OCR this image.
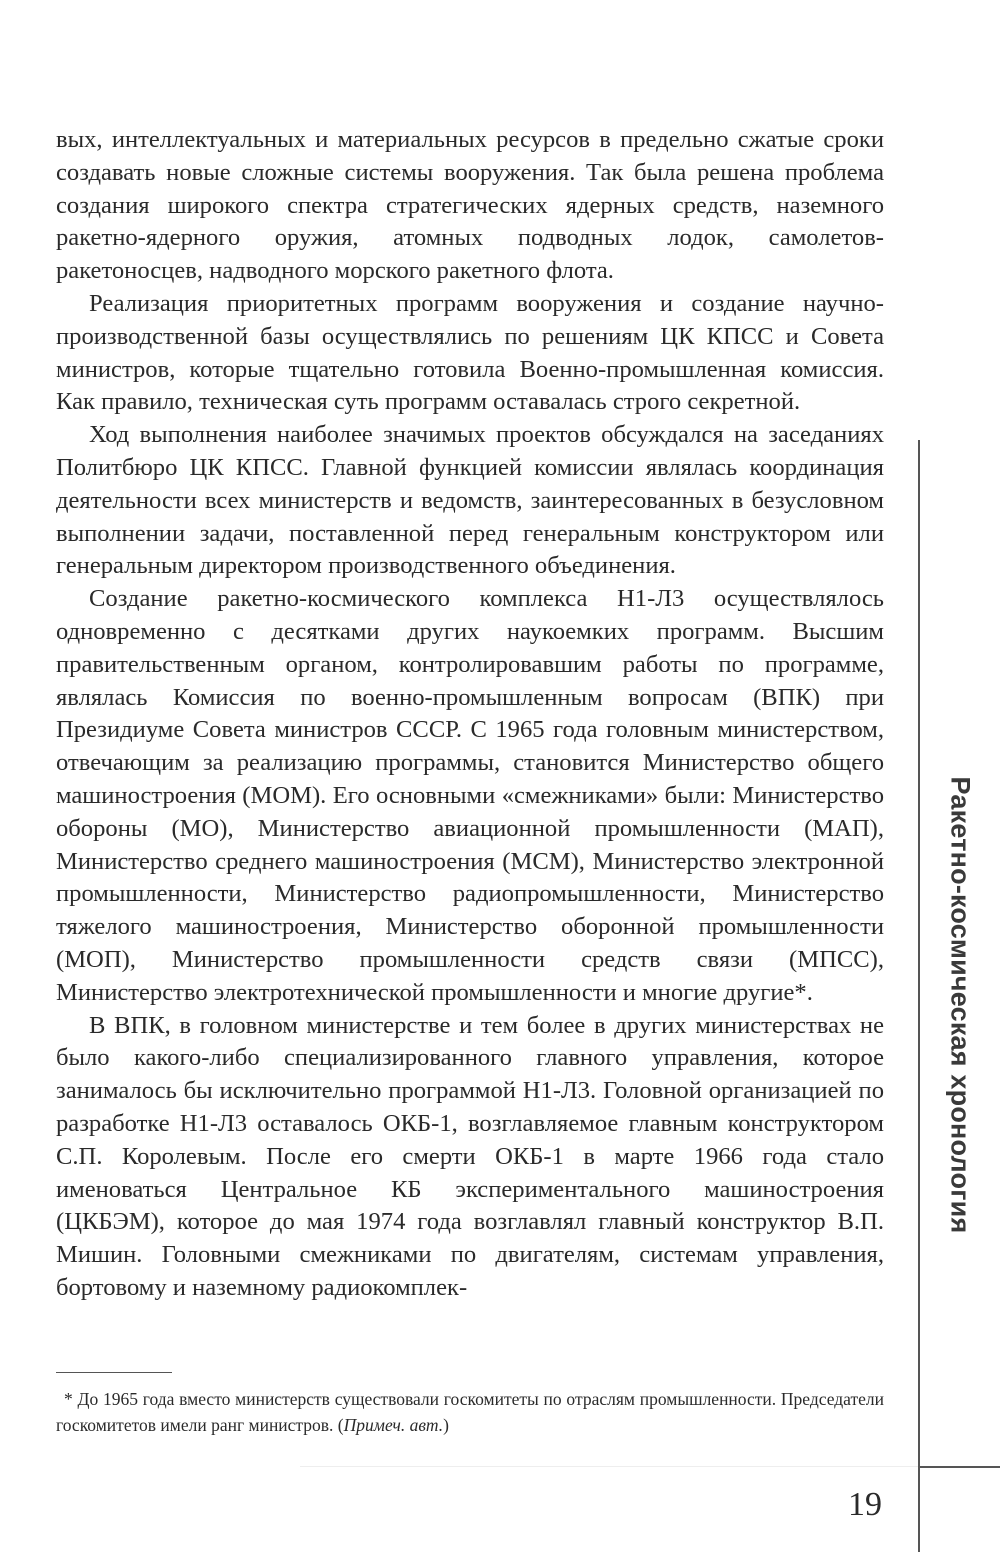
вых, интеллектуальных и материальных ресурсов в предельно сжатые сроки создавать новые сложные системы вооружения. Так была решена проблема создания широкого спектра стратегических ядерных средств, наземного ракетно-ядерного оружия, атомных подводных лодок, самолетов-ракетоносцев, надводного морского ракетного флота.

Реализация приоритетных программ вооружения и создание научно-производственной базы осуществлялись по решениям ЦК КПСС и Совета министров, которые тщательно готовила Военно-промышленная комиссия. Как правило, техническая суть программ оставалась строго секретной.

Ход выполнения наиболее значимых проектов обсуждался на заседаниях Политбюро ЦК КПСС. Главной функцией комиссии являлась координация деятельности всех министерств и ведомств, заинтересованных в безусловном выполнении задачи, поставленной перед генеральным конструктором или генеральным директором производственного объединения.

Создание ракетно-космического комплекса Н1-Л3 осуществлялось одновременно с десятками других наукоемких программ. Высшим правительственным органом, контролировавшим работы по программе, являлась Комиссия по военно-промышленным вопросам (ВПК) при Президиуме Совета министров СССР. С 1965 года головным министерством, отвечающим за реализацию программы, становится Министерство общего машиностроения (МОМ). Его основными «смежниками» были: Министерство обороны (МО), Министерство авиационной промышленности (МАП), Министерство среднего машиностроения (МСМ), Министерство электронной промышленности, Министерство радиопромышленности, Министерство тяжелого машиностроения, Министерство оборонной промышленности (МОП), Министерство промышленности средств связи (МПСС), Министерство электротехнической промышленности и многие другие*.

В ВПК, в головном министерстве и тем более в других министерствах не было какого-либо специализированного главного управления, которое занималось бы исключительно программой Н1-Л3. Головной организацией по разработке Н1-Л3 оставалось ОКБ-1, возглавляемое главным конструктором С.П. Королевым. После его смерти ОКБ-1 в марте 1966 года стало именоваться Центральное КБ экспериментального машиностроения (ЦКБЭМ), которое до мая 1974 года возглавлял главный конструктор В.П. Мишин. Головными смежниками по двигателям, системам управления, бортовому и наземному радиокомплек-

* До 1965 года вместо министерств существовали госкомитеты по отраслям промышленности. Председатели госкомитетов имели ранг министров. (Примеч. авт.)

Ракетно-космическая хронология
19
